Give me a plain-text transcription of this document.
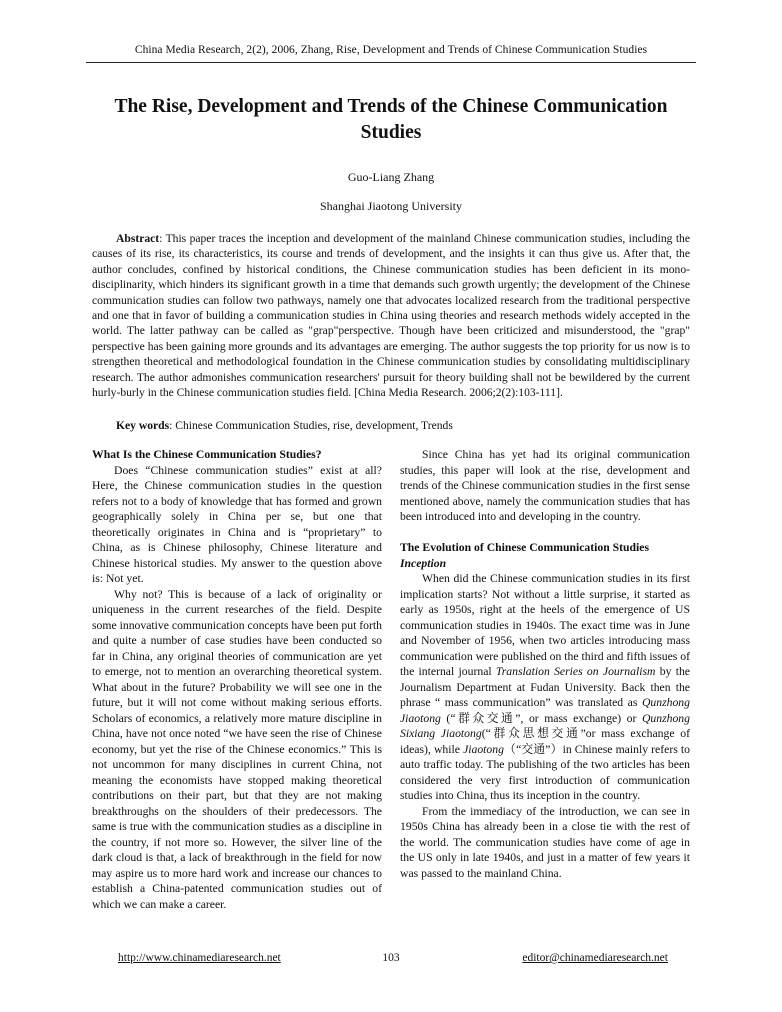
China Media Research, 2(2), 2006, Zhang, Rise, Development and Trends of Chinese Communication Studies
The Rise, Development and Trends of the Chinese Communication Studies
Guo-Liang Zhang
Shanghai Jiaotong University

Abstract: This paper traces the inception and development of the mainland Chinese communication studies, including the causes of its rise, its characteristics, its course and trends of development, and the insights it can thus give us. After that, the author concludes, confined by historical conditions, the Chinese communication studies has been deficient in its mono-disciplinarity, which hinders its significant growth in a time that demands such growth urgently; the development of the Chinese communication studies can follow two pathways, namely one that advocates localized research from the traditional perspective and one that in favor of building a communication studies in China using theories and research methods widely accepted in the world. The latter pathway can be called as "grap"perspective. Though have been criticized and misunderstood, the "grap" perspective has been gaining more grounds and its advantages are emerging. The author suggests the top priority for us now is to strengthen theoretical and methodological foundation in the Chinese communication studies by consolidating multidisciplinary research. The author admonishes communication researchers' pursuit for theory building shall not be bewildered by the current hurly-burly in the Chinese communication studies field. [China Media Research. 2006;2(2):103-111].

Key words: Chinese Communication Studies, rise, development, Trends

What Is the Chinese Communication Studies?

Does “Chinese communication studies” exist at all? Here, the Chinese communication studies in the question refers not to a body of knowledge that has formed and grown geographically solely in China per se, but one that theoretically originates in China and is “proprietary” to China, as is Chinese philosophy, Chinese literature and Chinese historical studies. My answer to the question above is: Not yet.

Why not? This is because of a lack of originality or uniqueness in the current researches of the field. Despite some innovative communication concepts have been put forth and quite a number of case studies have been conducted so far in China, any original theories of communication are yet to emerge, not to mention an overarching theoretical system. What about in the future? Probability we will see one in the future, but it will not come without making serious efforts. Scholars of economics, a relatively more mature discipline in China, have not once noted “we have seen the rise of Chinese economy, but yet the rise of the Chinese economics.” This is not uncommon for many disciplines in current China, not meaning the economists have stopped making theoretical contributions on their part, but that they are not making breakthroughs on the shoulders of their predecessors. The same is true with the communication studies as a discipline in the country, if not more so. However, the silver line of the dark cloud is that, a lack of breakthrough in the field for now may aspire us to more hard work and increase our chances to establish a China-patented communication studies out of which we can make a career.

Since China has yet had its original communication studies, this paper will look at the rise, development and trends of the Chinese communication studies in the first sense mentioned above, namely the communication studies that has been introduced into and developing in the country.

The Evolution of Chinese Communication Studies
Inception

When did the Chinese communication studies in its first implication starts? Not without a little surprise, it started as early as 1950s, right at the heels of the emergence of US communication studies in 1940s. The exact time was in June and November of 1956, when two articles introducing mass communication were published on the third and fifth issues of the internal journal Translation Series on Journalism by the Journalism Department at Fudan University. Back then the phrase “ mass communication” was translated as Qunzhong Jiaotong (“群众交通”, or mass exchange) or Qunzhong Sixiang Jiaotong(“群众思想交通”or mass exchange of ideas), while Jiaotong（“交通”）in Chinese mainly refers to auto traffic today. The publishing of the two articles has been considered the very first introduction of communication studies into China, thus its inception in the country.

From the immediacy of the introduction, we can see in 1950s China has already been in a close tie with the rest of the world. The communication studies have come of age in the US only in late 1940s, and just in a matter of few years it was passed to the mainland China.

http://www.chinamediaresearch.net	103	editor@chinamediaresearch.net
